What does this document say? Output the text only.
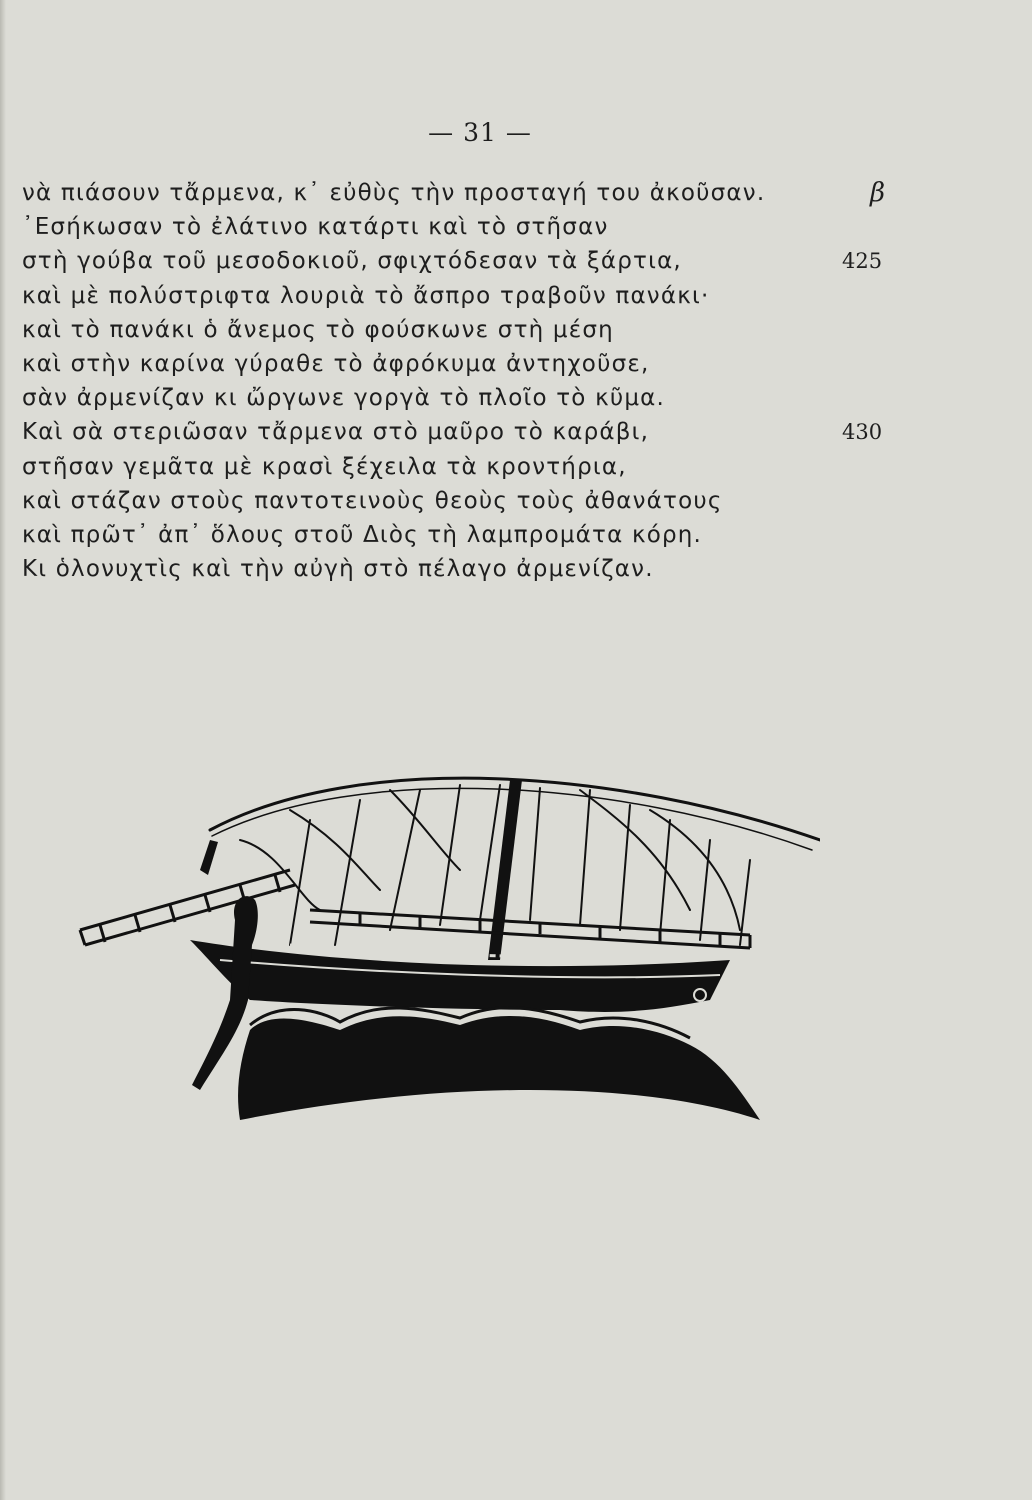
— 31 —
νὰ πιάσουν τἄρμενα, κ᾽ εὐθὺς τὴν προσταγή του ἀκοῦσαν.	β
᾽Εσήκωσαν τὸ ἐλάτινο κατάρτι καὶ τὸ στῆσαν
στὴ γούβα τοῦ μεσοδοκιοῦ, σφιχτόδεσαν τὰ ξάρτια,	425
καὶ μὲ πολύστριφτα λουριὰ τὸ ἄσπρο τραβοῦν πανάκι·
καὶ τὸ πανάκι ὁ ἄνεμος τὸ φούσκωνε στὴ μέση
καὶ στὴν καρίνα γύραθε τὸ ἀφρόκυμα ἀντηχοῦσε,
σὰν ἀρμενίζαν κι ὤργωνε γοργὰ τὸ πλοῖο τὸ κῦμα.
Καὶ σὰ στεριῶσαν τἄρμενα στὸ μαῦρο τὸ καράβι,	430
στῆσαν γεμᾶτα μὲ κρασὶ ξέχειλα τὰ κροντήρια,
καὶ στάζαν στοὺς παντοτεινοὺς θεοὺς τοὺς ἀθανάτους
καὶ πρῶτ᾽ ἀπ᾽ ὅλους στοῦ Διὸς τὴ λαμπρομάτα κόρη.
Κι ὁλονυχτὶς καὶ τὴν αὐγὴ στὸ πέλαγο ἀρμενίζαν.
